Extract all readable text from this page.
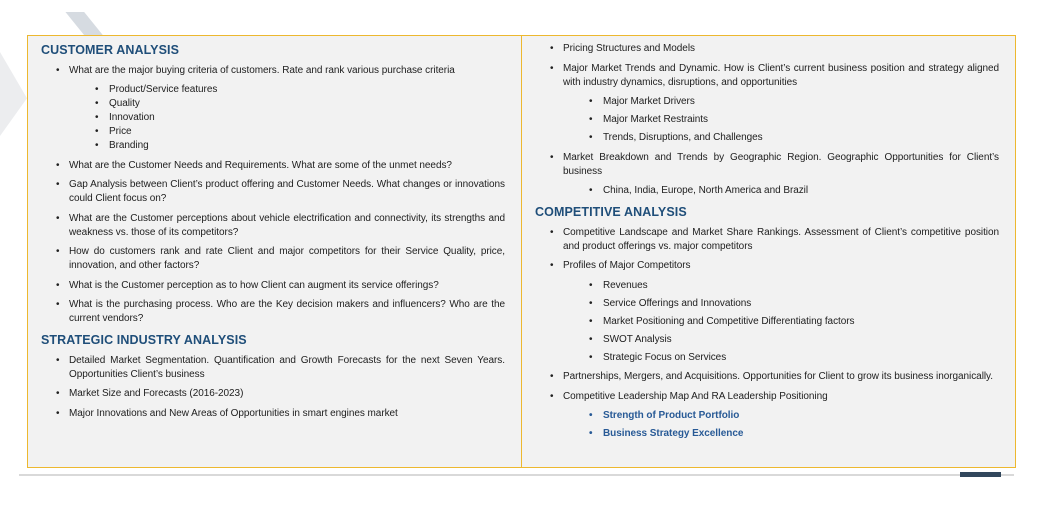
CUSTOMER ANALYSIS
• What are the major buying criteria of customers. Rate and rank various purchase criteria
• Product/Service features
• Quality
• Innovation
• Price
• Branding
• What are the Customer Needs and Requirements. What are some of the unmet needs?
• Gap Analysis between Client’s product offering and Customer Needs. What changes or innovations could Client focus on?
• What are the Customer perceptions about vehicle electrification and connectivity, its strengths and weakness vs. those of its competitors?
• How do customers rank and rate Client and major competitors for their Service Quality, price, innovation, and other factors?
• What is the Customer perception as to how Client can augment its service offerings?
• What is the purchasing process. Who are the Key decision makers and influencers? Who are the current vendors?
STRATEGIC INDUSTRY ANALYSIS
• Detailed Market Segmentation. Quantification and Growth Forecasts for the next Seven Years. Opportunities Client’s business
• Market Size and Forecasts (2016-2023)
• Major Innovations and New Areas of Opportunities in smart engines market
• Pricing Structures and Models
• Major Market Trends and Dynamic. How is Client’s current business position and strategy aligned with industry dynamics, disruptions, and opportunities
• Major Market Drivers
• Major Market Restraints
• Trends, Disruptions, and Challenges
• Market Breakdown and Trends by Geographic Region. Geographic Opportunities for Client’s business
• China, India, Europe, North America and Brazil
COMPETITIVE ANALYSIS
• Competitive Landscape and Market Share Rankings. Assessment of Client’s competitive position and product offerings vs. major competitors
• Profiles of Major Competitors
• Revenues
• Service Offerings and Innovations
• Market Positioning and Competitive Differentiating factors
• SWOT Analysis
• Strategic Focus on Services
• Partnerships, Mergers, and Acquisitions. Opportunities for Client to grow its business inorganically.
• Competitive Leadership Map And RA Leadership Positioning
• Strength of Product Portfolio
• Business Strategy Excellence
